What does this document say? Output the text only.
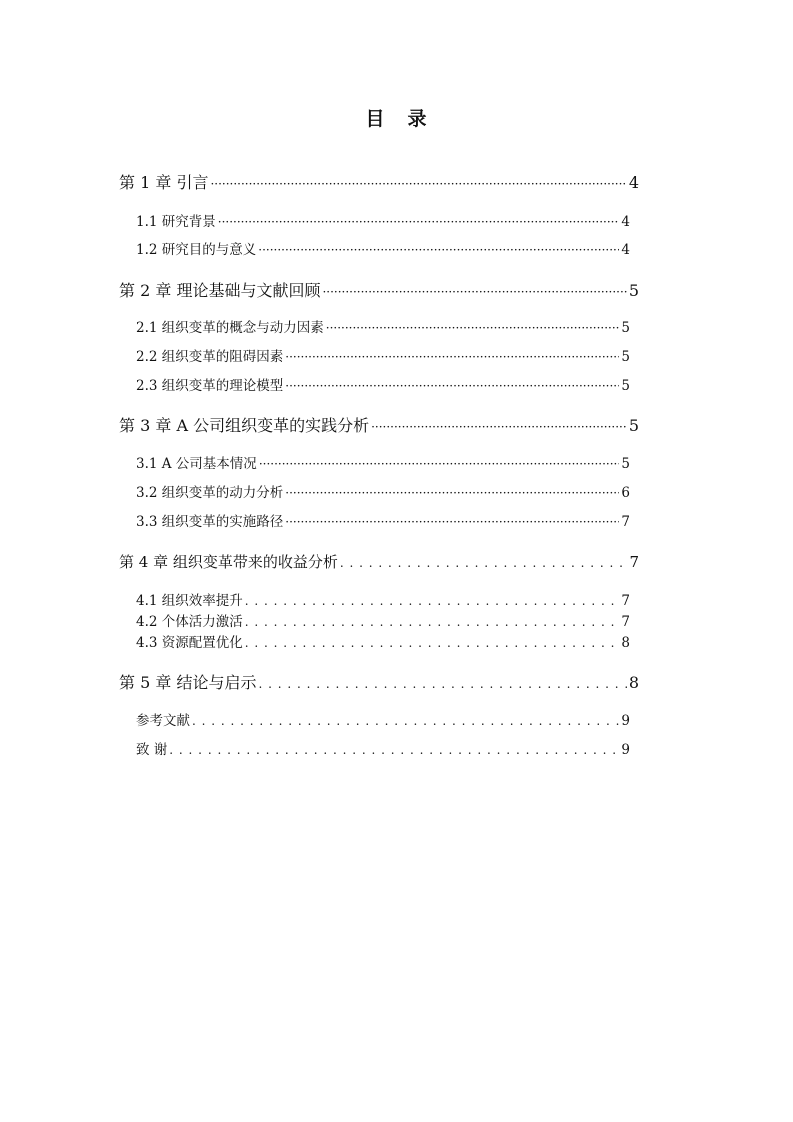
目 录
第 1 章 引言 ·····	4
1.1 研究背景 ·····	4
1.2 研究目的与意义 ·····	4
第 2 章 理论基础与文献回顾 ·····	5
2.1 组织变革的概念与动力因素 ·····	5
2.2 组织变革的阻碍因素 ·····	5
2.3 组织变革的理论模型 ·····	5
第 3 章 A 公司组织变革的实践分析 ·····	5
3.1 A 公司基本情况 ·····	5
3.2 组织变革的动力分析 ·····	6
3.3 组织变革的实施路径 ·····	7
第 4 章 组织变革带来的收益分析 . . .	7
4.1 组织效率提升 . . .	7
4.2 个体活力激活 . . .	7
4.3 资源配置优化 . . .	8
第 5 章 结论与启示 . . .	8
参考文献 . . .	9
致 谢 . . .	9
